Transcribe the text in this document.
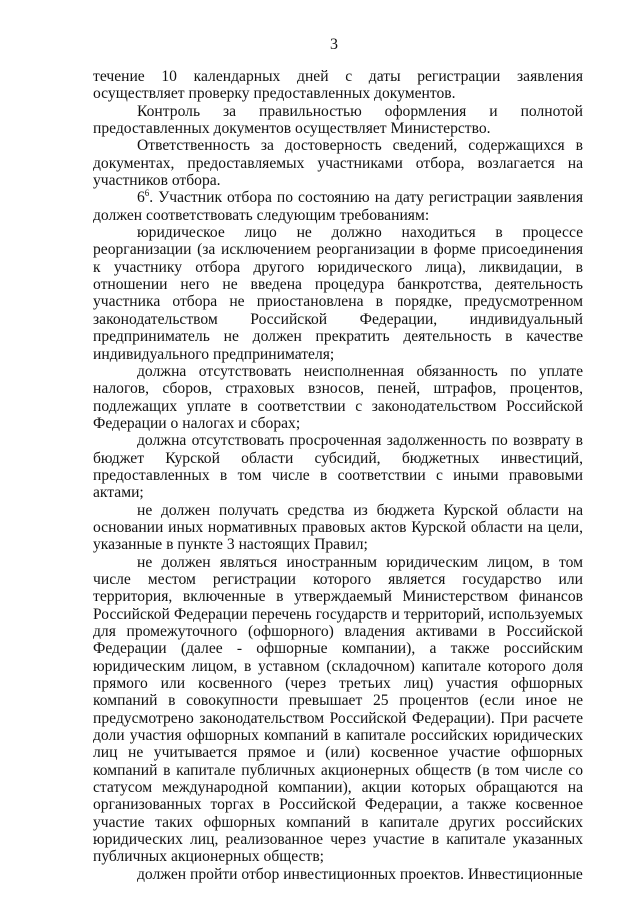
3

течение 10 календарных дней с даты регистрации заявления осуществляет проверку предоставленных документов.

Контроль за правильностью оформления и полнотой предоставленных документов осуществляет Министерство.

Ответственность за достоверность сведений, содержащихся в документах, предоставляемых участниками отбора, возлагается на участников отбора.

$6^6$. Участник отбора по состоянию на дату регистрации заявления должен соответствовать следующим требованиям:

юридическое лицо не должно находиться в процессе реорганизации (за исключением реорганизации в форме присоединения к участнику отбора другого юридического лица), ликвидации, в отношении него не введена процедура банкротства, деятельность участника отбора не приостановлена в порядке, предусмотренном законодательством Российской Федерации, индивидуальный предприниматель не должен прекратить деятельность в качестве индивидуального предпринимателя;

должна отсутствовать неисполненная обязанность по уплате налогов, сборов, страховых взносов, пеней, штрафов, процентов, подлежащих уплате в соответствии с законодательством Российской Федерации о налогах и сборах;

должна отсутствовать просроченная задолженность по возврату в бюджет Курской области субсидий, бюджетных инвестиций, предоставленных в том числе в соответствии с иными правовыми актами;

не должен получать средства из бюджета Курской области на основании иных нормативных правовых актов Курской области на цели, указанные в пункте 3 настоящих Правил;

не должен являться иностранным юридическим лицом, в том числе местом регистрации которого является государство или территория, включенные в утверждаемый Министерством финансов Российской Федерации перечень государств и территорий, используемых для промежуточного (офшорного) владения активами в Российской Федерации (далее - офшорные компании), а также российским юридическим лицом, в уставном (складочном) капитале которого доля прямого или косвенного (через третьих лиц) участия офшорных компаний в совокупности превышает 25 процентов (если иное не предусмотрено законодательством Российской Федерации). При расчете доли участия офшорных компаний в капитале российских юридических лиц не учитывается прямое и (или) косвенное участие офшорных компаний в капитале публичных акционерных обществ (в том числе со статусом международной компании), акции которых обращаются на организованных торгах в Российской Федерации, а также косвенное участие таких офшорных компаний в капитале других российских юридических лиц, реализованное через участие в капитале указанных публичных акционерных обществ;

должен пройти отбор инвестиционных проектов. Инвестиционные
